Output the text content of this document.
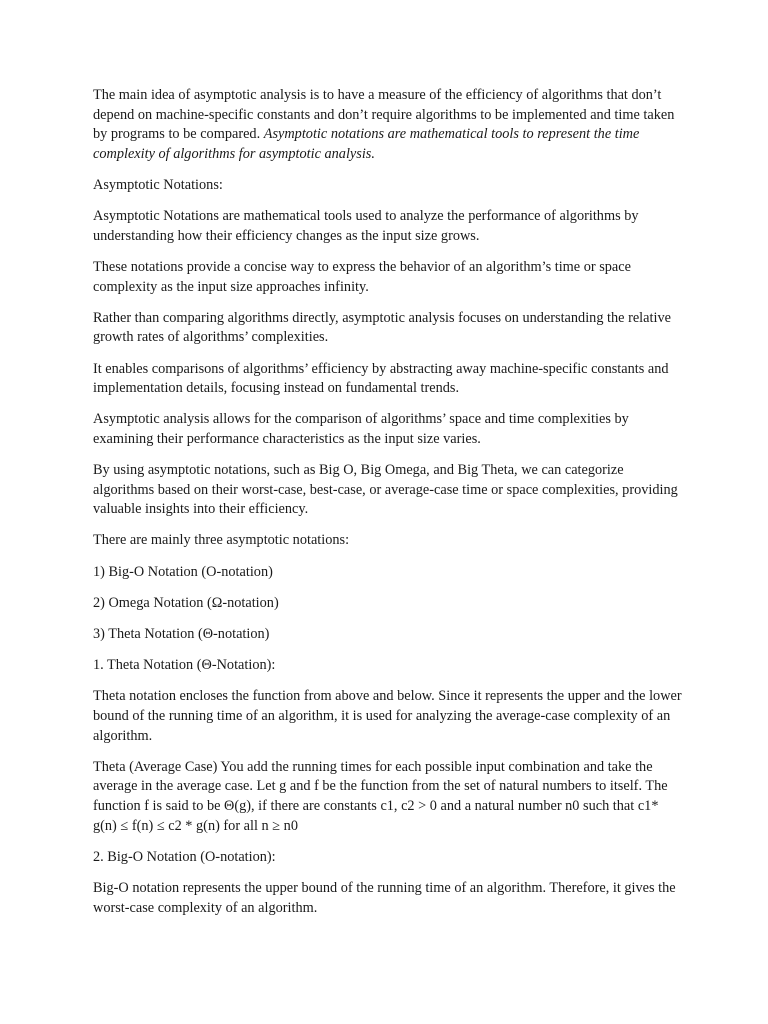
The main idea of asymptotic analysis is to have a measure of the efficiency of algorithms that don’t depend on machine-specific constants and don’t require algorithms to be implemented and time taken by programs to be compared. Asymptotic notations are mathematical tools to represent the time complexity of algorithms for asymptotic analysis.

Asymptotic Notations:

Asymptotic Notations are mathematical tools used to analyze the performance of algorithms by understanding how their efficiency changes as the input size grows.

These notations provide a concise way to express the behavior of an algorithm’s time or space complexity as the input size approaches infinity.

Rather than comparing algorithms directly, asymptotic analysis focuses on understanding the relative growth rates of algorithms’ complexities.

It enables comparisons of algorithms’ efficiency by abstracting away machine-specific constants and implementation details, focusing instead on fundamental trends.

Asymptotic analysis allows for the comparison of algorithms’ space and time complexities by examining their performance characteristics as the input size varies.

By using asymptotic notations, such as Big O, Big Omega, and Big Theta, we can categorize algorithms based on their worst-case, best-case, or average-case time or space complexities, providing valuable insights into their efficiency.

There are mainly three asymptotic notations:

1) Big-O Notation (O-notation)

2) Omega Notation (Ω-notation)

3) Theta Notation (Θ-notation)

1. Theta Notation (Θ-Notation):

Theta notation encloses the function from above and below. Since it represents the upper and the lower bound of the running time of an algorithm, it is used for analyzing the average-case complexity of an algorithm.

Theta (Average Case) You add the running times for each possible input combination and take the average in the average case. Let g and f be the function from the set of natural numbers to itself. The function f is said to be Θ(g), if there are constants c1, c2 > 0 and a natural number n0 such that c1* g(n) ≤ f(n) ≤ c2 * g(n) for all n ≥ n0

2. Big-O Notation (O-notation):

Big-O notation represents the upper bound of the running time of an algorithm. Therefore, it gives the worst-case complexity of an algorithm.
